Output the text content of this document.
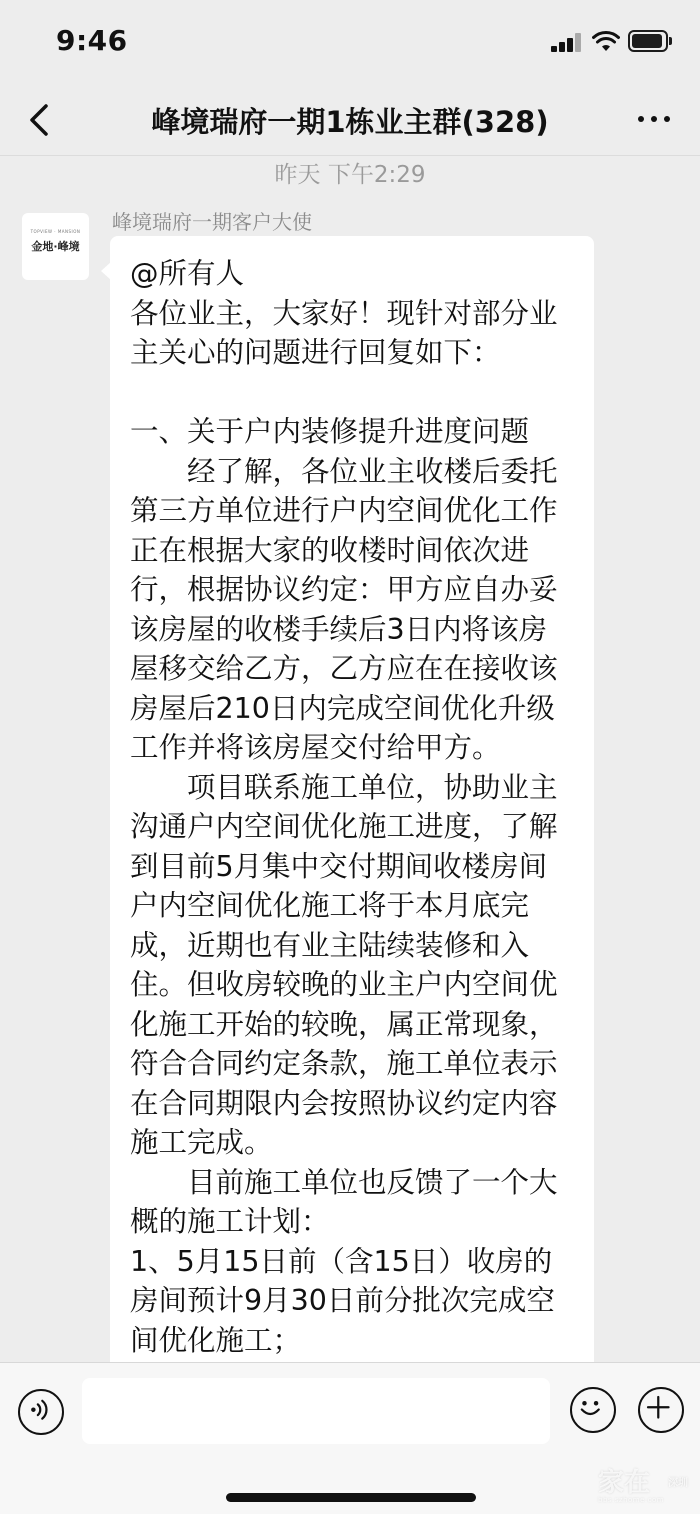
9:46
峰境瑞府一期1栋业主群(328)
昨天 下午2:29
TOPVIEW · MANSION
金地·峰境
峰境瑞府一期客户大使
@所有人
各位业主，大家好！现针对部分业
主关心的问题进行回复如下：

一、关于户内装修提升进度问题
　　经了解，各位业主收楼后委托
第三方单位进行户内空间优化工作
正在根据大家的收楼时间依次进
行，根据协议约定：甲方应自办妥
该房屋的收楼手续后3日内将该房
屋移交给乙方，乙方应在在接收该
房屋后210日内完成空间优化升级
工作并将该房屋交付给甲方。
　　项目联系施工单位，协助业主
沟通户内空间优化施工进度，了解
到目前5月集中交付期间收楼房间
户内空间优化施工将于本月底完
成，近期也有业主陆续装修和入
住。但收房较晚的业主户内空间优
化施工开始的较晚，属正常现象，
符合合同约定条款，施工单位表示
在合同期限内会按照协议约定内容
施工完成。
　　目前施工单位也反馈了一个大
概的施工计划：
1、5月15日前（含15日）收房的
房间预计9月30日前分批次完成空
间优化施工；
家在 深圳
bbs.szhome.com
